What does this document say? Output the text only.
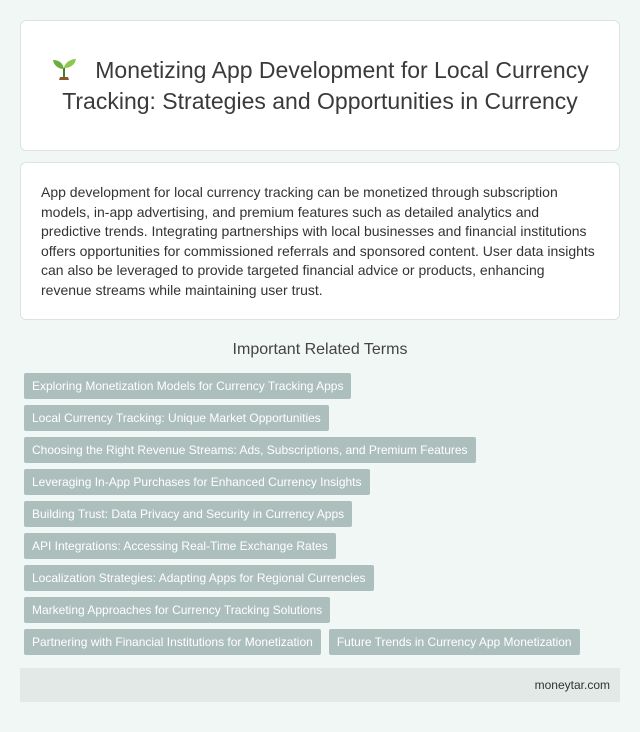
Monetizing App Development for Local Currency Tracking: Strategies and Opportunities in Currency

App development for local currency tracking can be monetized through subscription models, in-app advertising, and premium features such as detailed analytics and predictive trends. Integrating partnerships with local businesses and financial institutions offers opportunities for commissioned referrals and sponsored content. User data insights can also be leveraged to provide targeted financial advice or products, enhancing revenue streams while maintaining user trust.

Important Related Terms
Exploring Monetization Models for Currency Tracking Apps
Local Currency Tracking: Unique Market Opportunities
Choosing the Right Revenue Streams: Ads, Subscriptions, and Premium Features
Leveraging In-App Purchases for Enhanced Currency Insights
Building Trust: Data Privacy and Security in Currency Apps
API Integrations: Accessing Real-Time Exchange Rates
Localization Strategies: Adapting Apps for Regional Currencies
Marketing Approaches for Currency Tracking Solutions
Partnering with Financial Institutions for Monetization	Future Trends in Currency App Monetization
moneytar.com
